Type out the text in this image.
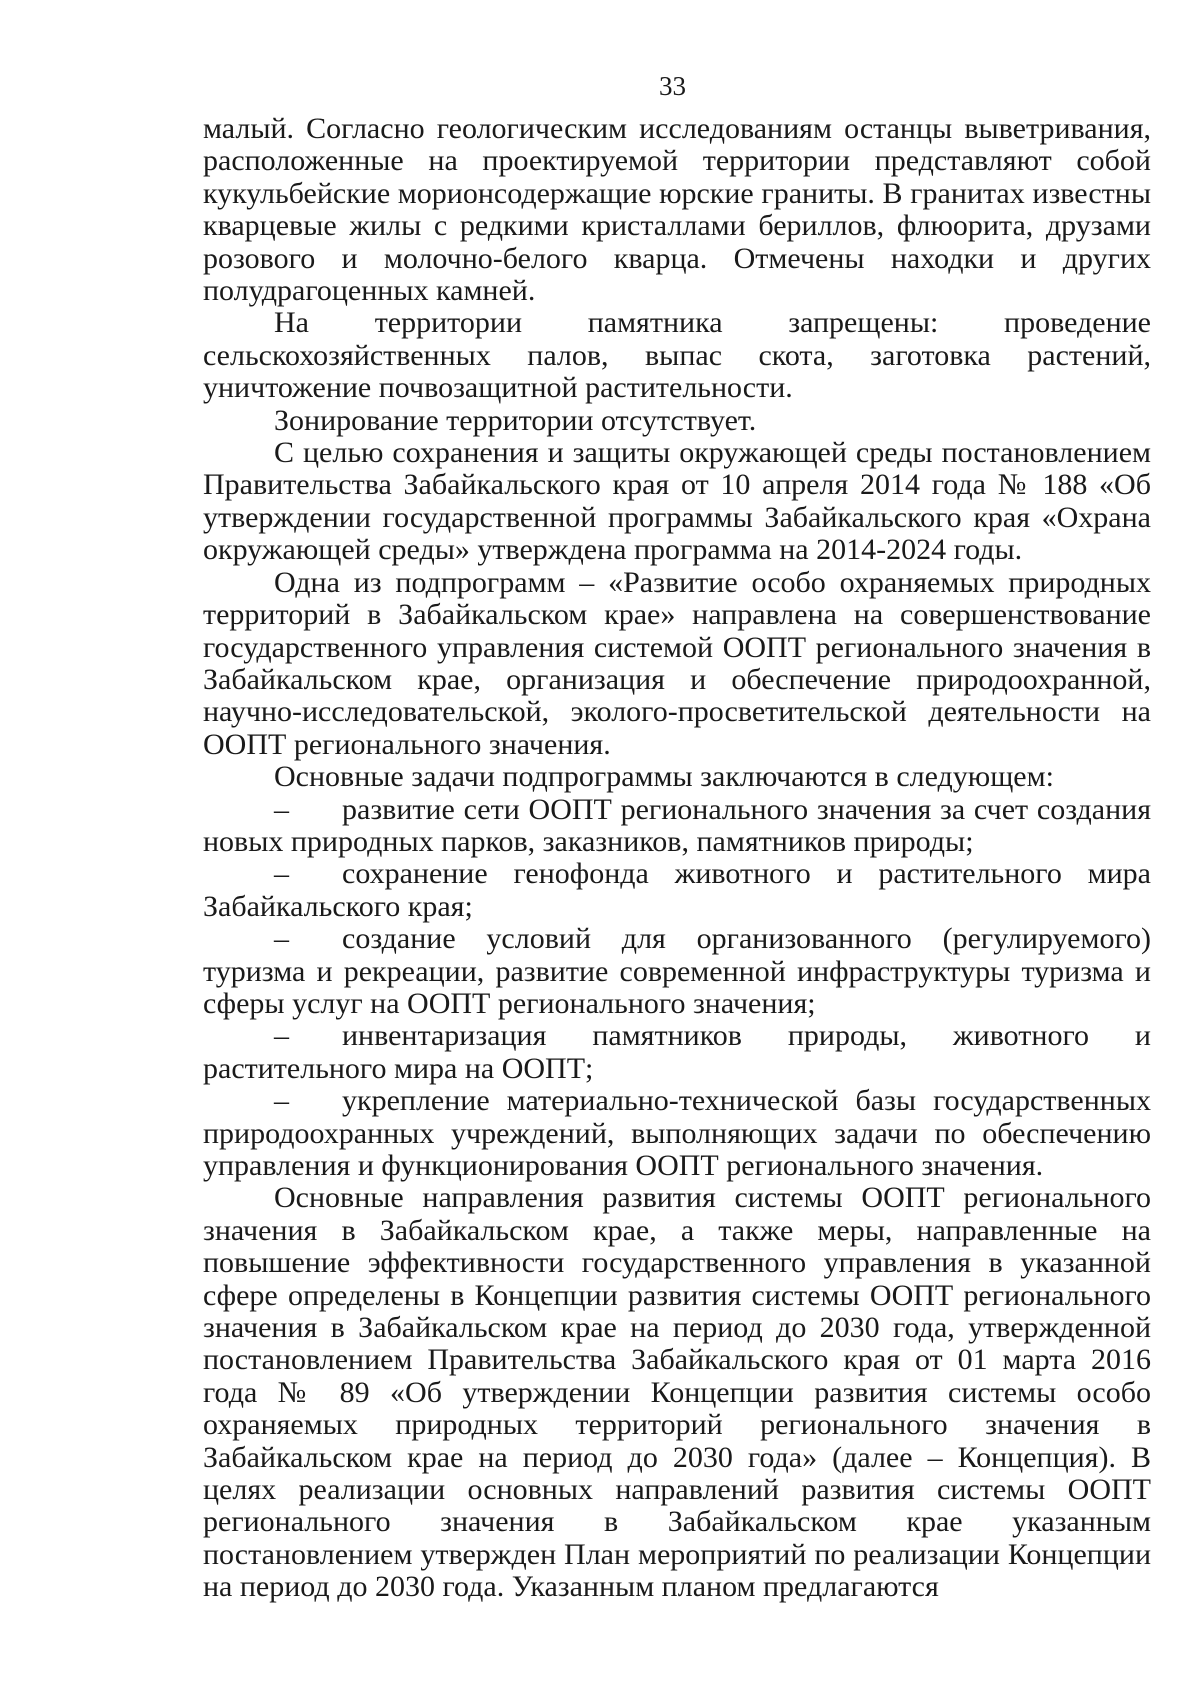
33

малый. Согласно геологическим исследованиям останцы выветривания, расположенные на проектируемой территории представляют собой кукульбейские морионсодержащие юрские граниты. В гранитах известны кварцевые жилы с редкими кристаллами бериллов, флюорита, друзами розового и молочно-белого кварца. Отмечены находки и других полудрагоценных камней.

На территории памятника запрещены: проведение сельскохозяйственных палов, выпас скота, заготовка растений, уничтожение почвозащитной растительности.

Зонирование территории отсутствует.

С целью сохранения и защиты окружающей среды постановлением Правительства Забайкальского края от 10 апреля 2014 года № 188 «Об утверждении государственной программы Забайкальского края «Охрана окружающей среды» утверждена программа на 2014-2024 годы.

Одна из подпрограмм – «Развитие особо охраняемых природных территорий в Забайкальском крае» направлена на совершенствование государственного управления системой ООПТ регионального значения в Забайкальском крае, организация и обеспечение природоохранной, научно-исследовательской, эколого-просветительской деятельности на ООПТ регионального значения.

Основные задачи подпрограммы заключаются в следующем:

– развитие сети ООПТ регионального значения за счет создания новых природных парков, заказников, памятников природы;

– сохранение генофонда животного и растительного мира Забайкальского края;

– создание условий для организованного (регулируемого) туризма и рекреации, развитие современной инфраструктуры туризма и сферы услуг на ООПТ регионального значения;

– инвентаризация памятников природы, животного и растительного мира на ООПТ;

– укрепление материально-технической базы государственных природоохранных учреждений, выполняющих задачи по обеспечению управления и функционирования ООПТ регионального значения.

Основные направления развития системы ООПТ регионального значения в Забайкальском крае, а также меры, направленные на повышение эффективности государственного управления в указанной сфере определены в Концепции развития системы ООПТ регионального значения в Забайкальском крае на период до 2030 года, утвержденной постановлением Правительства Забайкальского края от 01 марта 2016 года № 89 «Об утверждении Концепции развития системы особо охраняемых природных территорий регионального значения в Забайкальском крае на период до 2030 года» (далее – Концепция). В целях реализации основных направлений развития системы ООПТ регионального значения в Забайкальском крае указанным постановлением утвержден План мероприятий по реализации Концепции на период до 2030 года. Указанным планом предлагаются
